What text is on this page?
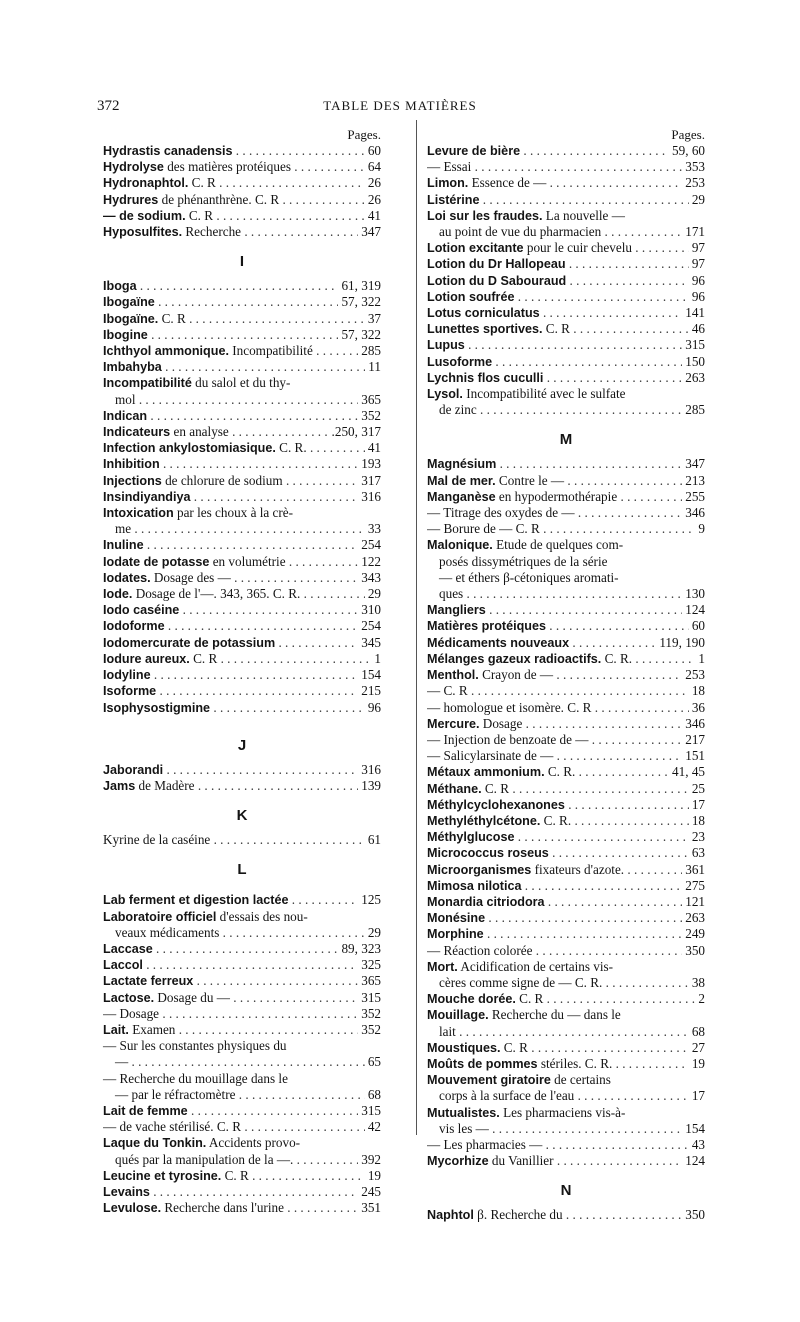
372	TABLE DES MATIÈRES
Pages.
Hydrastis canadensis . . .	60
Hydrolyse des matières protéiques . . .	64
Hydronaphtol. C. R . . .	26
Hydrures de phénanthrène. C. R . . .	26
— de sodium. C. R . . .	41
Hyposulfites. Recherche . . .	347
I
Iboga . . .	61, 319
Ibogaïne . . .	57, 322
Ibogaïne. C. R . . .	37
Ibogine . . .	57, 322
Ichthyol ammonique. Incompatibilité . . .	285
Imbahyba . . .	11
Incompatibilité du salol et du thy-
mol . . .	365
Indican . . .	352
Indicateurs en analyse . . .	.250, 317
Infection ankylostomiasique. C. R. . . .	41
Inhibition . . .	193
Injections de chlorure de sodium . . .	317
Insindiyandiya . . .	316
Intoxication par les choux à la crè-
me . . .	33
Inuline . . .	254
Iodate de potasse en volumétrie . . .	122
Iodates. Dosage des — . . .	343
Iode. Dosage de l'—. 343, 365. C. R. . . .	29
Iodo caséine . . .	310
Iodoforme . . .	254
Iodomercurate de potassium . . .	345
Iodure aureux. C. R . . .	1
Iodyline . . .	154
Isoforme . . .	215
Isophysostigmine . . .	96
J
Jaborandi . . .	316
Jams de Madère . . .	139
K
Kyrine de la caséine . . .	61
L
Lab ferment et digestion lactée . . .	125
Laboratoire officiel d'essais des nou-
veaux médicaments . . .	29
Laccase . . .	89, 323
Laccol . . .	325
Lactate ferreux . . .	365
Lactose. Dosage du — . . .	315
— Dosage . . .	352
Lait. Examen . . .	352
— Sur les constantes physiques du
— . . .	65
— Recherche du mouillage dans le
— par le réfractomètre . . .	68
Lait de femme . . .	315
— de vache stérilisé. C. R . . .	42
Laque du Tonkin. Accidents provo-
qués par la manipulation de la —. . . .	392
Leucine et tyrosine. C. R . . .	19
Levains . . .	245
Levulose. Recherche dans l'urine . . .	351
Pages.
Levure de bière . . .	59, 60
— Essai . . .	353
Limon. Essence de — . . .	253
Listérine . . .	29
Loi sur les fraudes. La nouvelle —
au point de vue du pharmacien . . .	171
Lotion excitante pour le cuir chevelu . . .	97
Lotion du Dr Hallopeau . . .	97
Lotion du D Sabouraud . . .	96
Lotion soufrée . . .	96
Lotus corniculatus . . .	141
Lunettes sportives. C. R . . .	46
Lupus . . .	315
Lusoforme . . .	150
Lychnis flos cuculli . . .	263
Lysol. Incompatibilité avec le sulfate
de zinc . . .	285
M
Magnésium . . .	347
Mal de mer. Contre le — . . .	213
Manganèse en hypodermothérapie . . .	255
— Titrage des oxydes de — . . .	346
— Borure de — C. R . . .	9
Malonique. Etude de quelques com-
posés dissymétriques de la série
— et éthers β-cétoniques aromati-
ques . . .	130
Mangliers . . .	124
Matières protéiques . . .	60
Médicaments nouveaux . . .	119, 190
Mélanges gazeux radioactifs. C. R. . . .	1
Menthol. Crayon de — . . .	253
— C. R . . .	18
— homologue et isomère. C. R . . .	36
Mercure. Dosage . . .	346
— Injection de benzoate de — . . .	217
— Salicylarsinate de — . . .	151
Métaux ammonium. C. R. . . .	41, 45
Méthane. C. R . . .	25
Méthylcyclohexanones . . .	17
Methyléthylcétone. C. R. . . .	18
Méthylglucose . . .	23
Micrococcus roseus . . .	63
Microorganismes fixateurs d'azote. . . .	361
Mimosa nilotica . . .	275
Monardia citriodora . . .	121
Monésine . . .	263
Morphine . . .	249
— Réaction colorée . . .	350
Mort. Acidification de certains vis-
cères comme signe de — C. R. . . .	38
Mouche dorée. C. R . . .	2
Mouillage. Recherche du — dans le
lait . . .	68
Moustiques. C. R . . .	27
Moûts de pommes stériles. C. R. . . .	19
Mouvement giratoire de certains
corps à la surface de l'eau . . .	17
Mutualistes. Les pharmaciens vis-à-
vis les — . . .	154
— Les pharmacies — . . .	43
Mycorhize du Vanillier . . .	124
N
Naphtol β. Recherche du . . .	350
